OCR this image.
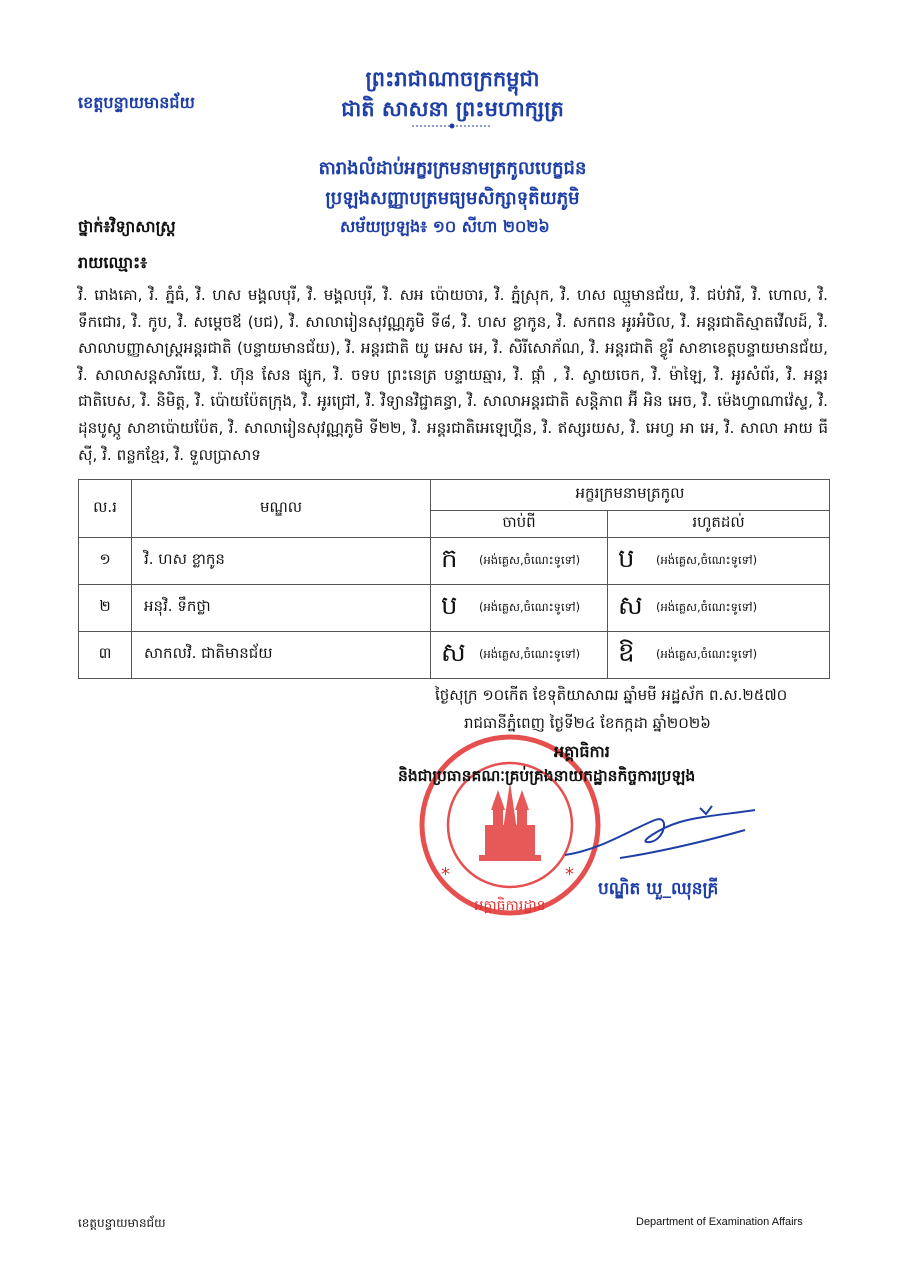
ព្រះរាជាណាចក្រកម្ពុជា
ជាតិ សាសនា ព្រះមហាក្សត្រ
ខេត្តបន្ទាយមានជ័យ
តារាងលំដាប់អក្ខរក្រមនាមត្រកូលបេក្ខជន
ប្រឡងសញ្ញាបត្រមធ្យមសិក្សាទុតិយភូមិ
ថ្នាក់៖វិទ្យាសាស្ត្រ	សម័យប្រឡង៖ ១០ សីហា ២០២៦
រាយឈ្មោះ៖
វិ. រោងគោ, វិ. ភ្នំធំ, វិ. ហស មង្គលបុរី, វិ. មង្គលបុរី, វិ. សអ ប៉ោយចារ, វិ. ភ្នំស្រុក, វិ. ហស ឈ្មួមានជ័យ, វិ. ជប់វារី, វិ. ហោល, វិ. ទឹកជោរ, វិ. កូប, វិ. សម្តេចឪ (បជ), វិ. សាលារៀនសុវណ្ណភូមិ ទី៨, វិ. ហស ខ្លាកូន, វិ. សកពន អូរអំបិល, វិ. អន្តរជាតិស្មាតវើលដ៍, វិ. សាលាបញ្ញាសាស្ត្រអន្តរជាតិ (បន្ទាយមានជ័យ), វិ. អន្តរជាតិ យូ អេស អេ, វិ. សិរីសោភ័ណ, វិ. អន្តរជាតិ ខ្វូរី សាខាខេត្តបន្ទាយមានជ័យ, វិ. សាលាសន្តសារីយេ, វិ. ហ៊ុន សែន ផ្សូក, វិ. ចទប ព្រះនេត្រ បន្ទាយឆ្មារ, វិ. ផ្កាំ , វិ. ស្វាយចេក, វិ. ម៉ាឡៃ, វិ. អូរសំព័រ, វិ. អន្តរជាតិបេស, វិ. និមិត្ត, វិ. ប៉ោយប៉ែតក្រុង, វិ. អូរជ្រៅ, វិ. វិទ្យានវិជ្ជាគន្ធា, វិ. សាលាអន្តរជាតិ សន្តិភាព អ៊ី អិន អេច, វិ. ម៉េងហ្វាណាវ៉េស្ទ, វិ. ដុនបូស្កូ សាខាប៉ោយប៉ែត, វិ. សាលារៀនសុវណ្ណភូមិ ទី២២, វិ. អន្តរជាតិអេឡេហ្គីន, វិ. ឥស្សរយស, វិ. អេហ្វ អា អេ, វិ. សាលា អាយ ធី ស៊ី, វិ. ពន្លកខ្មែរ, វិ. ទួលប្រាសាទ
ល.រ	មណ្ឌល	អក្ខរក្រមនាមត្រកូល	
		ចាប់ពី	រហូតដល់
១	វិ. ហស ខ្លាកូន	ក (អង់គ្លេស,ចំណេះទូទៅ)	ប (អង់គ្លេស,ចំណេះទូទៅ)

២	អនុវិ. ទឹកថ្លា	ប (អង់គ្លេស,ចំណេះទូទៅ)	ស (អង់គ្លេស,ចំណេះទូទៅ)

៣	សាកលវិ. ជាតិមានជ័យ	ស (អង់គ្លេស,ចំណេះទូទៅ)	ឱ (អង់គ្លេស,ចំណេះទូទៅ)
ថ្ងៃសុក្រ ១០កើត ខែទុតិយាសាឍ ឆ្នាំមមី អដ្ឋស័ក ព.ស.២៥៧០
រាជធានីភ្នំពេញ ថ្ងៃទី២៤ ខែកក្កដា ឆ្នាំ២០២៦
*	*
អគ្គាធិការដ្ឋាន
អគ្គាធិការ
និងជាប្រធានគណៈគ្រប់គ្រងនាយកដ្ឋានកិច្ចការប្រឡង
បណ្ឌិត ឃួ_ឈុនគ្រី
ខេត្តបន្ទាយមានជ័យ	Department of Examination Affairs
